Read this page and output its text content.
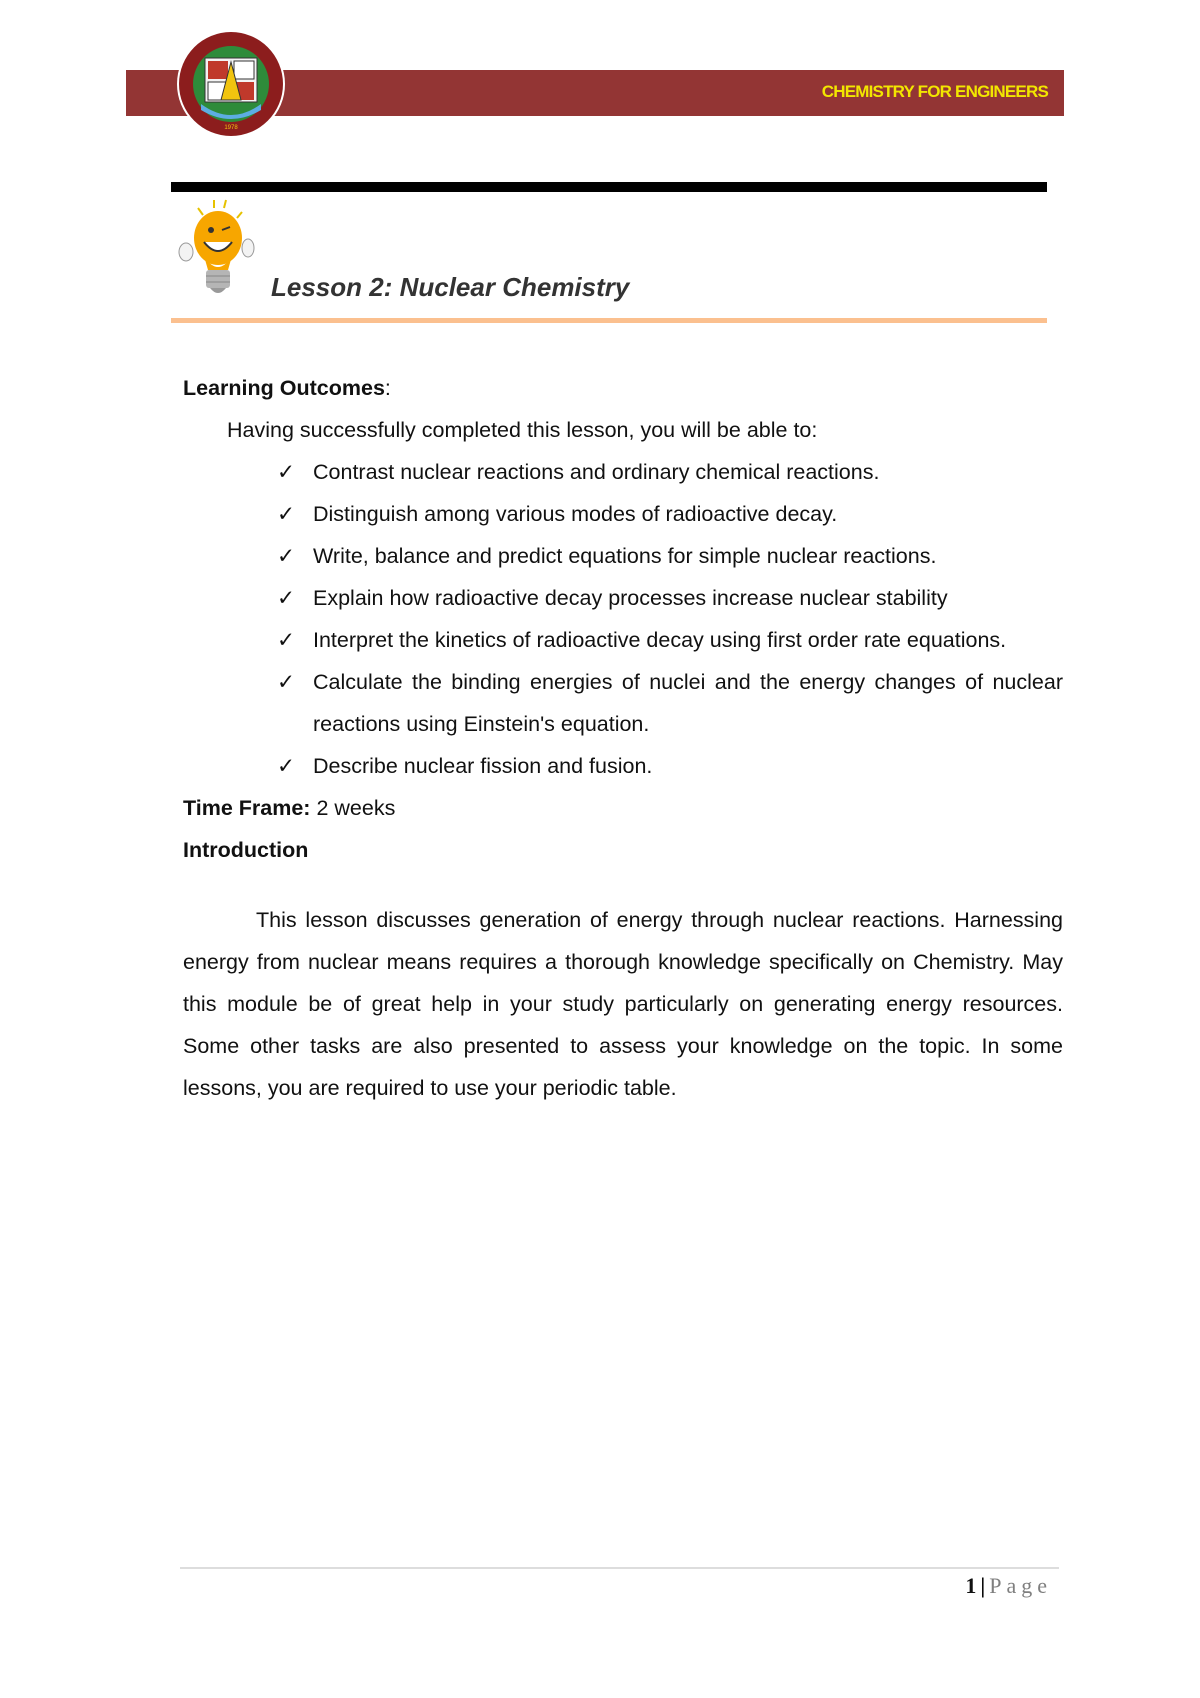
CHEMISTRY FOR ENGINEERS
1978
Lesson 2: Nuclear Chemistry
Learning Outcomes:
Having successfully completed this lesson, you will be able to:
✓ Contrast nuclear reactions and ordinary chemical reactions.
✓ Distinguish among various modes of radioactive decay.
✓ Write, balance and predict equations for simple nuclear reactions.
✓ Explain how radioactive decay processes increase nuclear stability
✓ Interpret the kinetics of radioactive decay using first order rate equations.
✓ Calculate the binding energies of nuclei and the energy changes of nuclear reactions using Einstein's equation.
✓ Describe nuclear fission and fusion.
Time Frame: 2 weeks
Introduction
This lesson discusses generation of energy through nuclear reactions. Harnessing energy from nuclear means requires a thorough knowledge specifically on Chemistry. May this module be of great help in your study particularly on generating energy resources. Some other tasks are also presented to assess your knowledge on the topic. In some lessons, you are required to use your periodic table.
1 | Page
